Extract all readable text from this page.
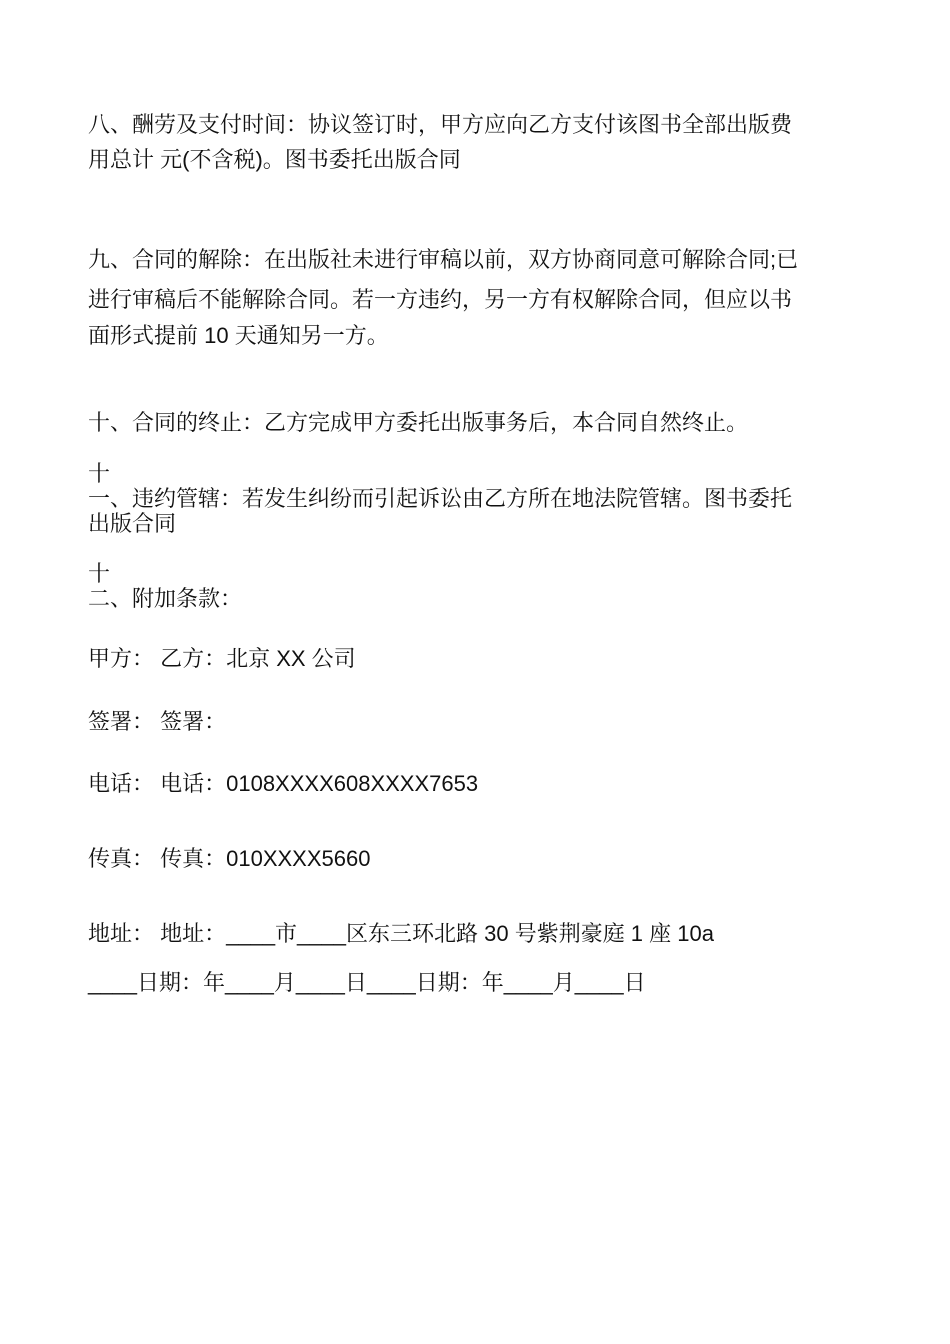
八、酬劳及支付时间：协议签订时，甲方应向乙方支付该图书全部出版费
用总计 元(不含税)。图书委托出版合同
九、合同的解除：在出版社未进行审稿以前，双方协商同意可解除合同;已
进行审稿后不能解除合同。若一方违约，另一方有权解除合同，但应以书
面形式提前 10 天通知另一方。
十、合同的终止：乙方完成甲方委托出版事务后，本合同自然终止。
十
一、违约管辖：若发生纠纷而引起诉讼由乙方所在地法院管辖。图书委托
出版合同
十
二、附加条款：
甲方： 乙方：北京 XX 公司
签署： 签署：
电话： 电话：0108XXXX608XXXX7653
传真： 传真：010XXXX5660
地址： 地址：____市____区东三环北路 30 号紫荆豪庭 1 座 10a
____日期：年____月____日____日期：年____月____日
